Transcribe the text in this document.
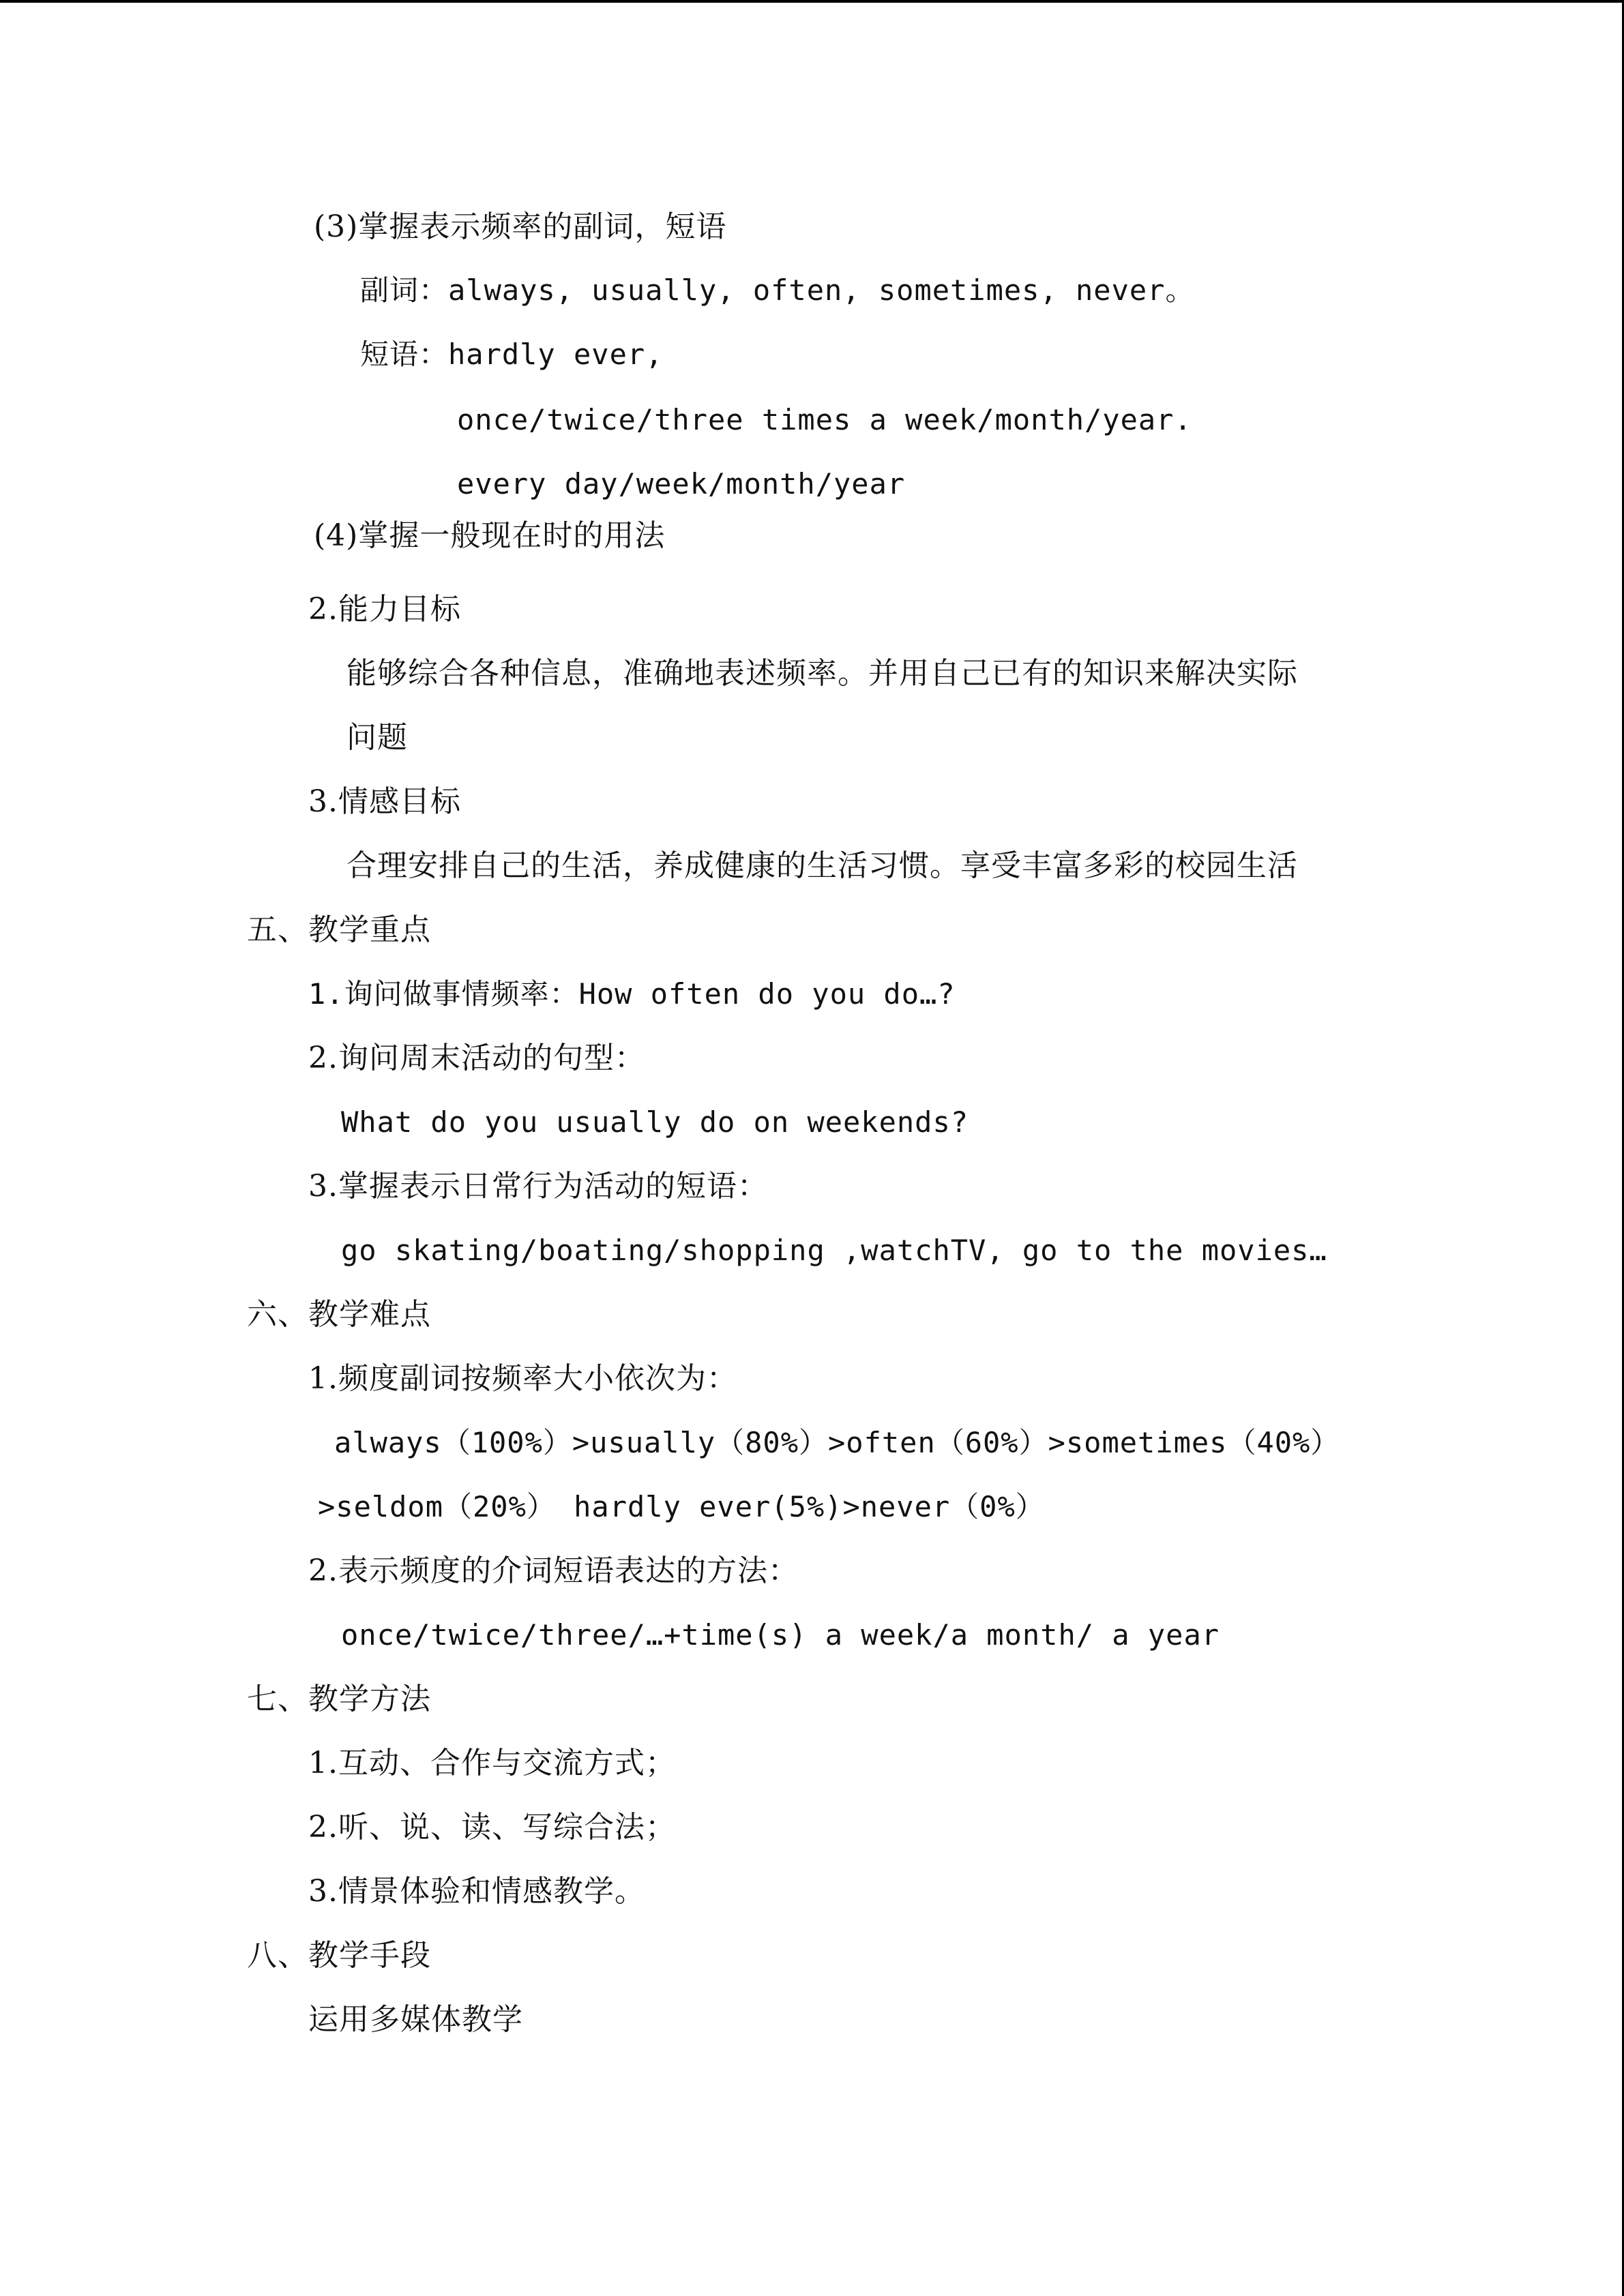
(3)掌握表示频率的副词，短语
副词：always, usually, often, sometimes, never。
短语：hardly ever,
once/twice/three times a week/month/year.
every day/week/month/year
(4)掌握一般现在时的用法
2.能力目标
能够综合各种信息，准确地表述频率。并用自己已有的知识来解决实际
问题
3.情感目标
合理安排自己的生活，养成健康的生活习惯。享受丰富多彩的校园生活
五、教学重点
1.询问做事情频率：How often do you do…?
2.询问周末活动的句型：
What do you usually do on weekends?
3.掌握表示日常行为活动的短语：
go skating/boating/shopping ,watchTV, go to the movies…
六、教学难点
1.频度副词按频率大小依次为：
always（100%）>usually（80%）>often（60%）>sometimes（40%）
>seldom（20%） hardly ever(5%)>never（0%）
2.表示频度的介词短语表达的方法：
once/twice/three/…+time(s) a week/a month/ a year
七、教学方法
1.互动、合作与交流方式；
2.听、说、读、写综合法；
3.情景体验和情感教学。
八、教学手段
运用多媒体教学
